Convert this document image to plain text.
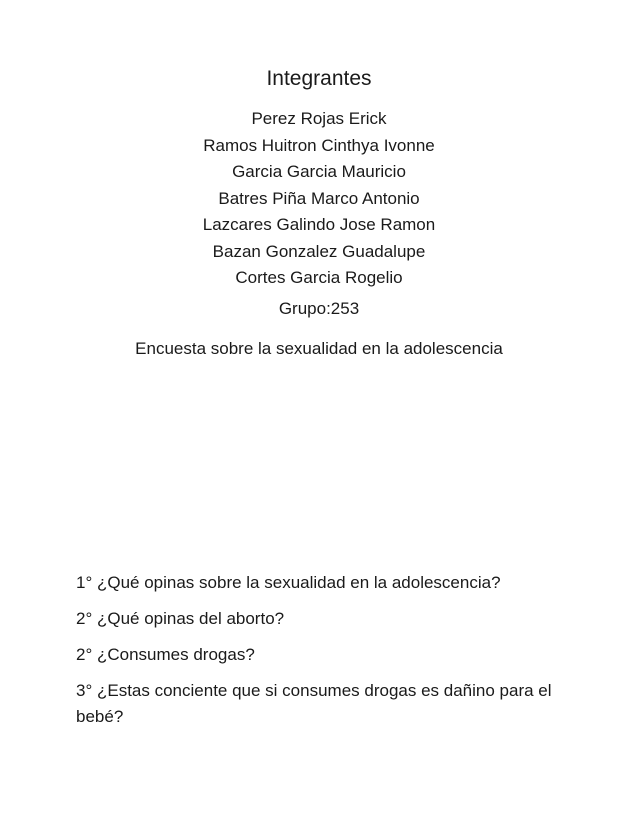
Integrantes
Perez Rojas Erick
Ramos Huitron Cinthya Ivonne
Garcia Garcia Mauricio
Batres Piña Marco Antonio
Lazcares Galindo Jose Ramon
Bazan Gonzalez Guadalupe
Cortes Garcia Rogelio
Grupo:253
Encuesta sobre la sexualidad en la adolescencia
1° ¿Qué opinas sobre la sexualidad en la adolescencia?
2° ¿Qué opinas del aborto?
2° ¿Consumes drogas?
3° ¿Estas conciente que si consumes drogas es dañino para el bebé?
